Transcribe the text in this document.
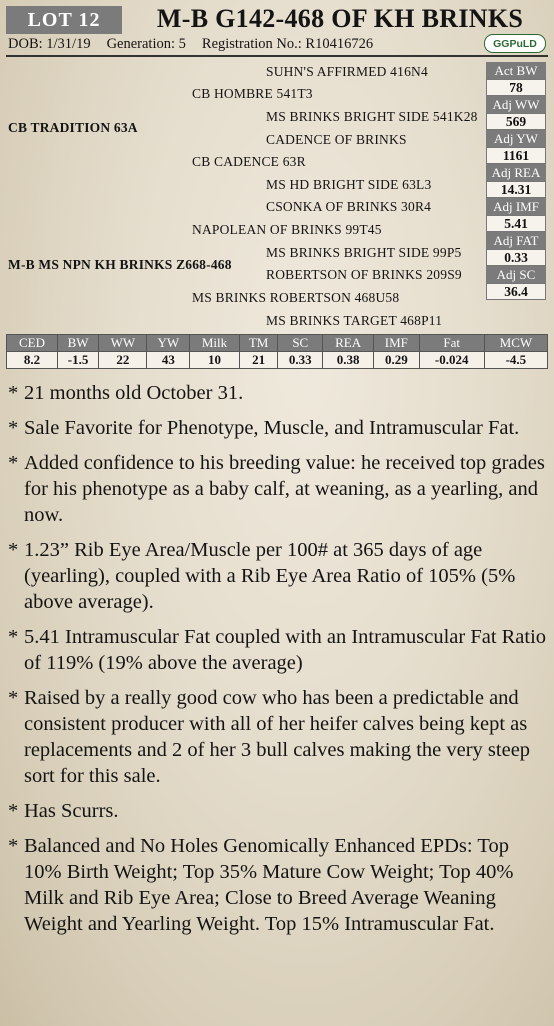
LOT 12	M-B G142-468 OF KH BRINKS
DOB: 1/31/19 Generation: 5 Registration No.: R10416726	GGPuLD
SUHN'S AFFIRMED 416N4
CB HOMBRE 541T3
MS BRINKS BRIGHT SIDE 541K28
CB TRADITION 63A
CADENCE OF BRINKS
CB CADENCE 63R
MS HD BRIGHT SIDE 63L3
CSONKA OF BRINKS 30R4
NAPOLEAN OF BRINKS 99T45
MS BRINKS BRIGHT SIDE 99P5
M-B MS NPN KH BRINKS Z668-468
ROBERTSON OF BRINKS 209S9
MS BRINKS ROBERTSON 468U58
MS BRINKS TARGET 468P11
Act BW
78
Adj WW
569
Adj YW
1161
Adj REA
14.31
Adj IMF
5.41
Adj FAT
0.33
Adj SC
36.4
CED	BW	WW	YW	Milk	TM	SC	REA	IMF	Fat	MCW
8.2	-1.5	22	43	10	21	0.33	0.38	0.29	-0.024	-4.5
* 21 months old October 31.
* Sale Favorite for Phenotype, Muscle, and Intramuscular Fat.
* Added confidence to his breeding value: he received top grades for his phenotype as a baby calf, at weaning, as a yearling, and now.
* 1.23” Rib Eye Area/Muscle per 100# at 365 days of age (yearling), coupled with a Rib Eye Area Ratio of 105% (5% above average).
* 5.41 Intramuscular Fat coupled with an Intramuscular Fat Ratio of 119% (19% above the average)
* Raised by a really good cow who has been a predictable and consistent producer with all of her heifer calves being kept as replacements and 2 of her 3 bull calves making the very steep sort for this sale.
* Has Scurrs.
* Balanced and No Holes Genomically Enhanced EPDs: Top 10% Birth Weight; Top 35% Mature Cow Weight; Top 40% Milk and Rib Eye Area; Close to Breed Average Weaning Weight and Yearling Weight. Top 15% Intramuscular Fat.
